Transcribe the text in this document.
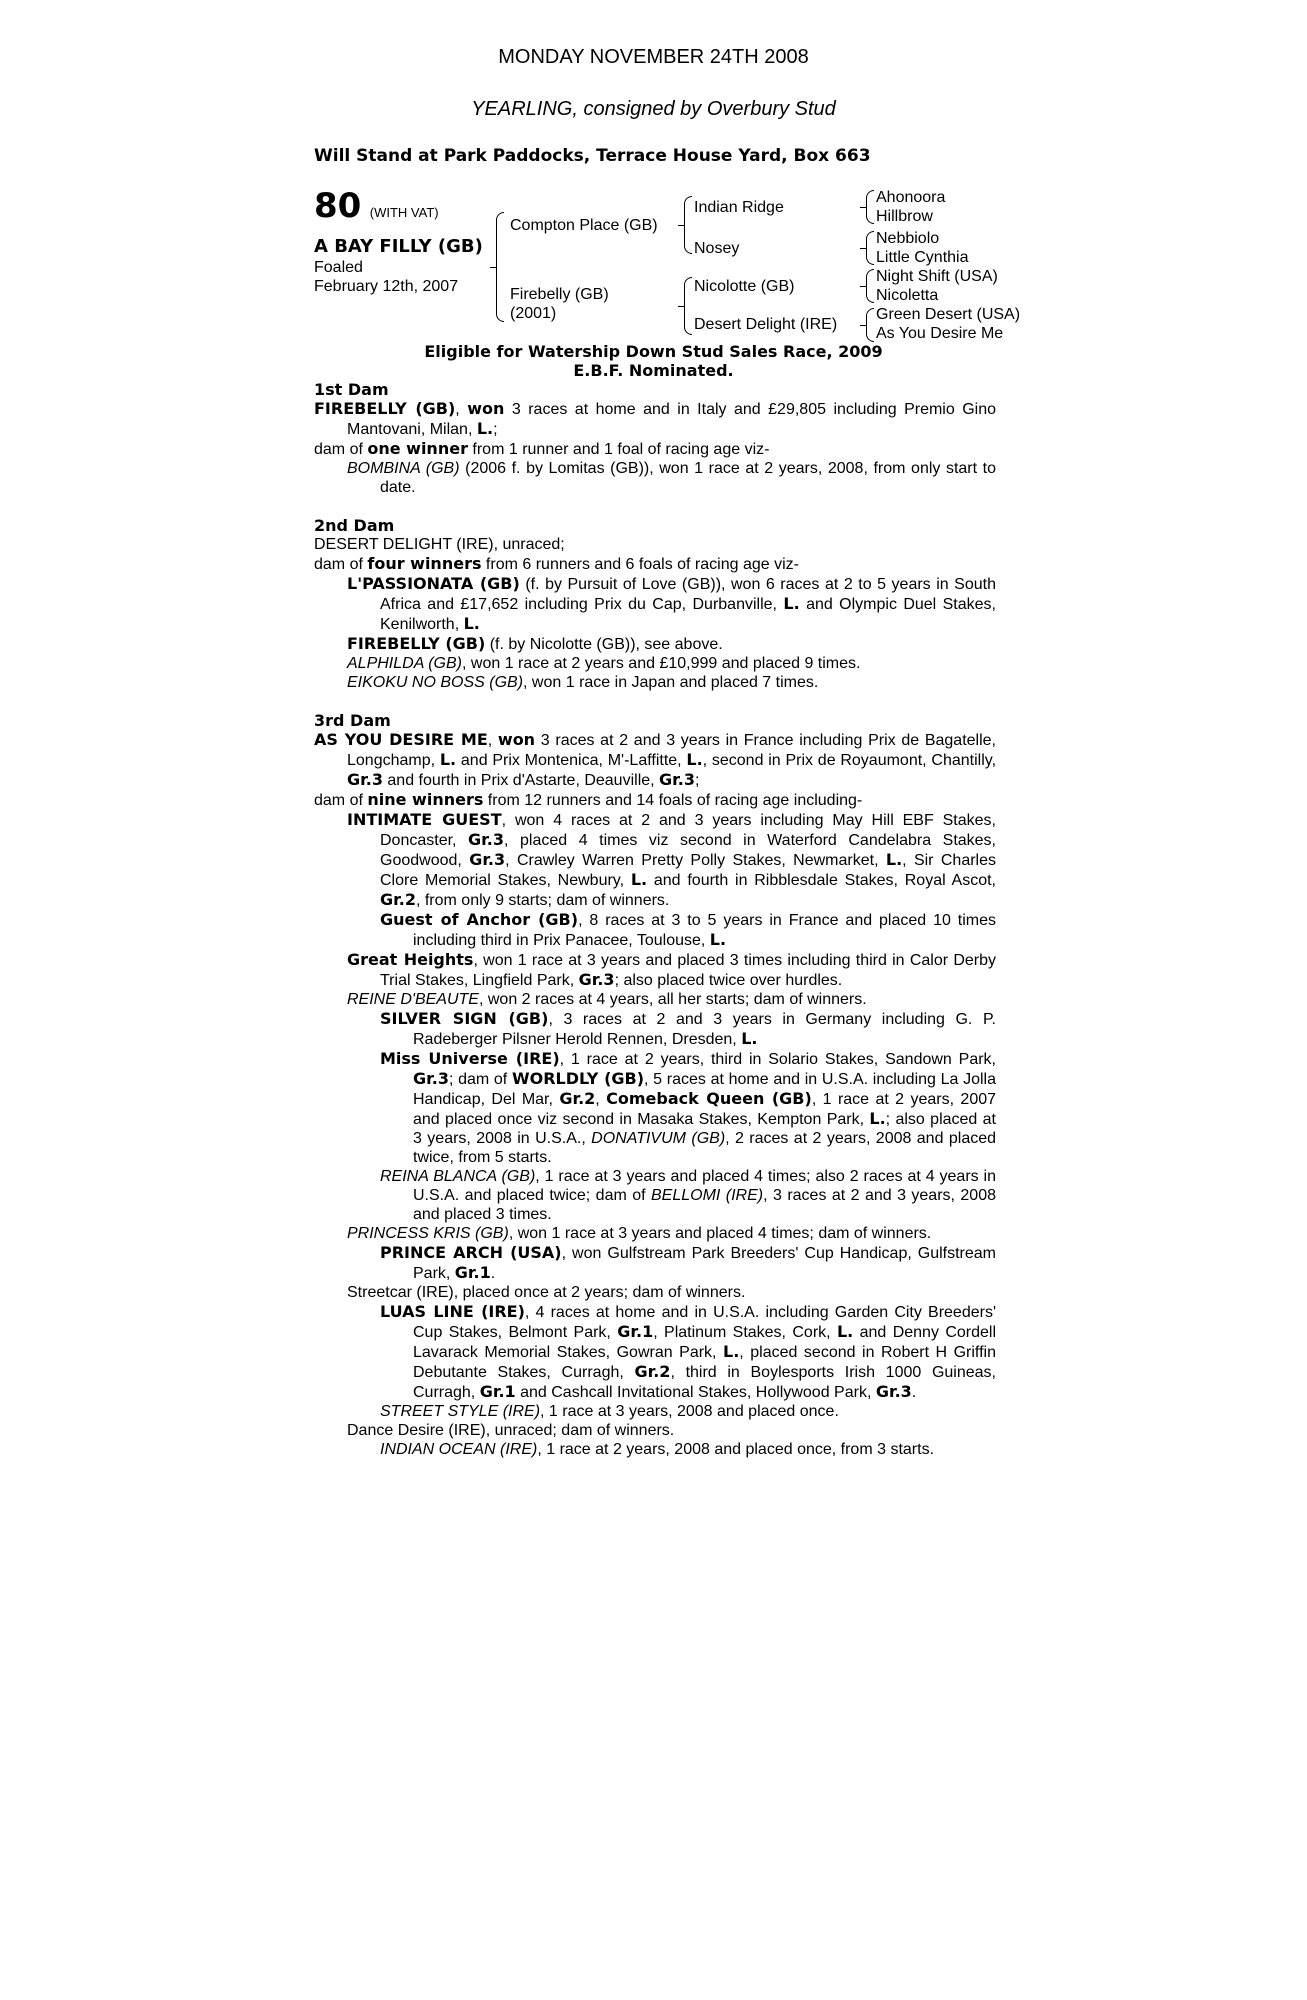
MONDAY NOVEMBER 24TH 2008
YEARLING, consigned by Overbury Stud
Will Stand at Park Paddocks, Terrace House Yard, Box 663
80 (WITH VAT)
A BAY FILLY (GB)
Foaled
February 12th, 2007
Compton Place (GB)
Firebelly (GB)
(2001)
Indian Ridge
Nosey
Nicolotte (GB)
Desert Delight (IRE)
Ahonoora
Hillbrow
Nebbiolo
Little Cynthia
Night Shift (USA)
Nicoletta
Green Desert (USA)
As You Desire Me
Eligible for Watership Down Stud Sales Race, 2009
E.B.F. Nominated.

1st Dam

FIREBELLY (GB), won 3 races at home and in Italy and £29,805 including Premio Gino Mantovani, Milan, L.;

dam of one winner from 1 runner and 1 foal of racing age viz-

BOMBINA (GB) (2006 f. by Lomitas (GB)), won 1 race at 2 years, 2008, from only start to date.

2nd Dam

DESERT DELIGHT (IRE), unraced;

dam of four winners from 6 runners and 6 foals of racing age viz-

L'PASSIONATA (GB) (f. by Pursuit of Love (GB)), won 6 races at 2 to 5 years in South Africa and £17,652 including Prix du Cap, Durbanville, L. and Olympic Duel Stakes, Kenilworth, L.

FIREBELLY (GB) (f. by Nicolotte (GB)), see above.

ALPHILDA (GB), won 1 race at 2 years and £10,999 and placed 9 times.

EIKOKU NO BOSS (GB), won 1 race in Japan and placed 7 times.

3rd Dam

AS YOU DESIRE ME, won 3 races at 2 and 3 years in France including Prix de Bagatelle, Longchamp, L. and Prix Montenica, M'-Laffitte, L., second in Prix de Royaumont, Chantilly, Gr.3 and fourth in Prix d'Astarte, Deauville, Gr.3;

dam of nine winners from 12 runners and 14 foals of racing age including-

INTIMATE GUEST, won 4 races at 2 and 3 years including May Hill EBF Stakes, Doncaster, Gr.3, placed 4 times viz second in Waterford Candelabra Stakes, Goodwood, Gr.3, Crawley Warren Pretty Polly Stakes, Newmarket, L., Sir Charles Clore Memorial Stakes, Newbury, L. and fourth in Ribblesdale Stakes, Royal Ascot, Gr.2, from only 9 starts; dam of winners.

Guest of Anchor (GB), 8 races at 3 to 5 years in France and placed 10 times including third in Prix Panacee, Toulouse, L.

Great Heights, won 1 race at 3 years and placed 3 times including third in Calor Derby Trial Stakes, Lingfield Park, Gr.3; also placed twice over hurdles.

REINE D'BEAUTE, won 2 races at 4 years, all her starts; dam of winners.

SILVER SIGN (GB), 3 races at 2 and 3 years in Germany including G. P. Radeberger Pilsner Herold Rennen, Dresden, L.

Miss Universe (IRE), 1 race at 2 years, third in Solario Stakes, Sandown Park, Gr.3; dam of WORLDLY (GB), 5 races at home and in U.S.A. including La Jolla Handicap, Del Mar, Gr.2, Comeback Queen (GB), 1 race at 2 years, 2007 and placed once viz second in Masaka Stakes, Kempton Park, L.; also placed at 3 years, 2008 in U.S.A., DONATIVUM (GB), 2 races at 2 years, 2008 and placed twice, from 5 starts.

REINA BLANCA (GB), 1 race at 3 years and placed 4 times; also 2 races at 4 years in U.S.A. and placed twice; dam of BELLOMI (IRE), 3 races at 2 and 3 years, 2008 and placed 3 times.

PRINCESS KRIS (GB), won 1 race at 3 years and placed 4 times; dam of winners.

PRINCE ARCH (USA), won Gulfstream Park Breeders' Cup Handicap, Gulfstream Park, Gr.1.

Streetcar (IRE), placed once at 2 years; dam of winners.

LUAS LINE (IRE), 4 races at home and in U.S.A. including Garden City Breeders' Cup Stakes, Belmont Park, Gr.1, Platinum Stakes, Cork, L. and Denny Cordell Lavarack Memorial Stakes, Gowran Park, L., placed second in Robert H Griffin Debutante Stakes, Curragh, Gr.2, third in Boylesports Irish 1000 Guineas, Curragh, Gr.1 and Cashcall Invitational Stakes, Hollywood Park, Gr.3.

STREET STYLE (IRE), 1 race at 3 years, 2008 and placed once.

Dance Desire (IRE), unraced; dam of winners.

INDIAN OCEAN (IRE), 1 race at 2 years, 2008 and placed once, from 3 starts.
